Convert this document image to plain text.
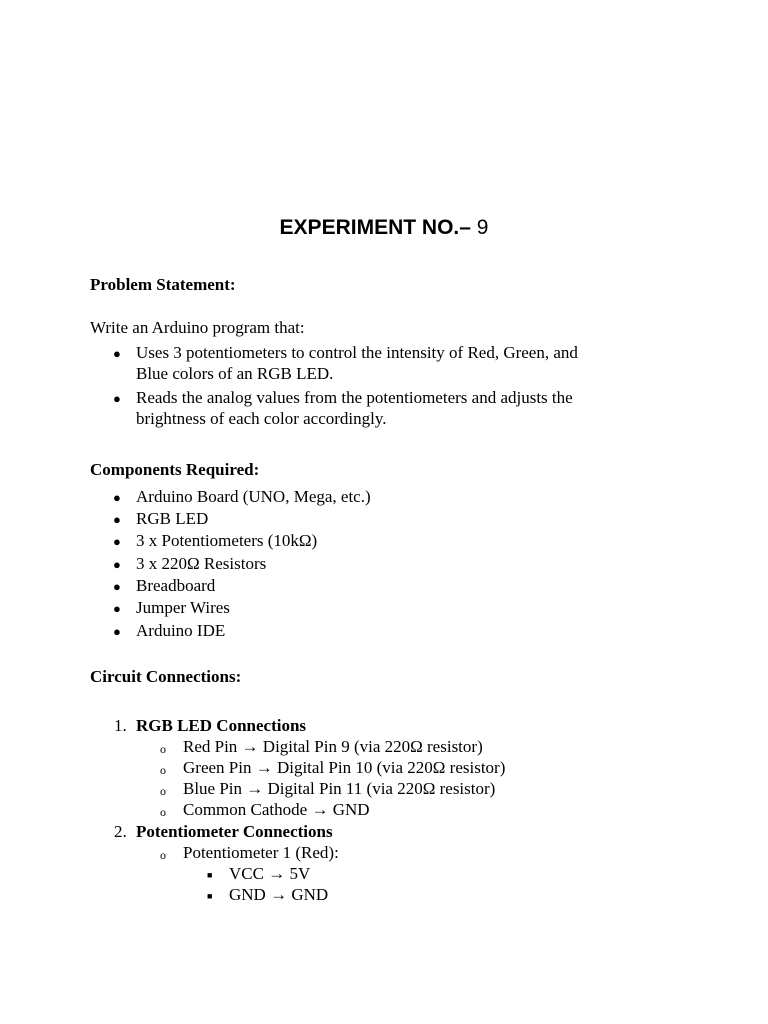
EXPERIMENT NO.– 9
Problem Statement:
Write an Arduino program that:
● Uses 3 potentiometers to control the intensity of Red, Green, and
Blue colors of an RGB LED.
● Reads the analog values from the potentiometers and adjusts the
brightness of each color accordingly.
Components Required:
● Arduino Board (UNO, Mega, etc.)
● RGB LED
● 3 x Potentiometers (10kΩ)
● 3 x 220Ω Resistors
● Breadboard
● Jumper Wires
● Arduino IDE
Circuit Connections:
1. RGB LED Connections
o Red Pin → Digital Pin 9 (via 220Ω resistor)
o Green Pin → Digital Pin 10 (via 220Ω resistor)
o Blue Pin → Digital Pin 11 (via 220Ω resistor)
o Common Cathode → GND
2. Potentiometer Connections
o Potentiometer 1 (Red):
■ VCC → 5V
■ GND → GND
